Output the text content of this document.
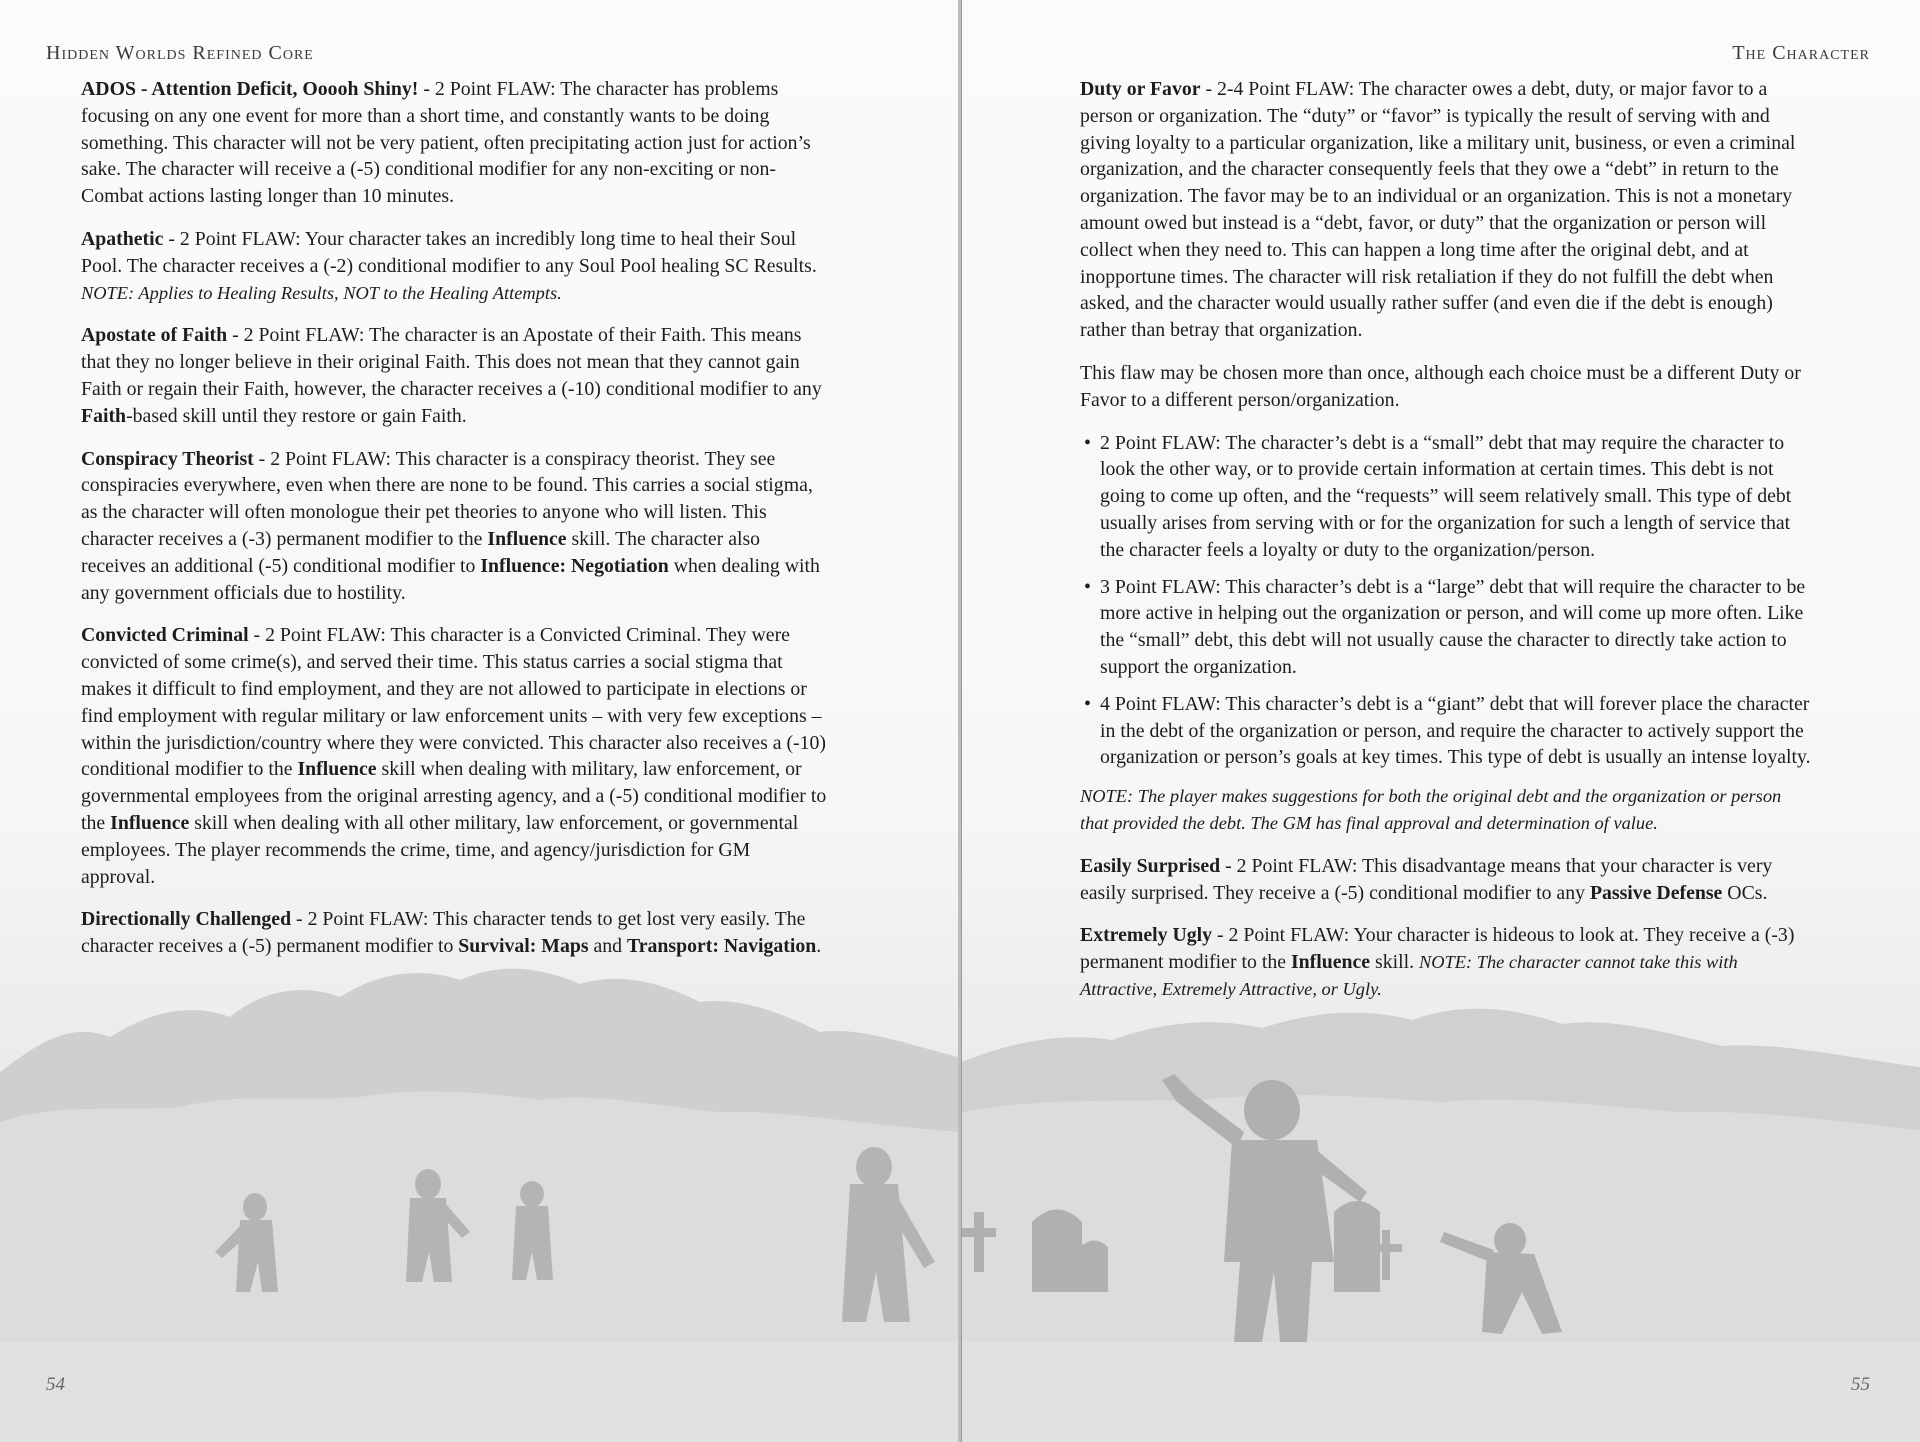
Hidden Worlds Refined Core

ADOS - Attention Deficit, Ooooh Shiny! - 2 Point FLAW: The character has problems focusing on any one event for more than a short time, and constantly wants to be doing something. This character will not be very patient, often precipitating action just for action’s sake. The character will receive a (-5) conditional modifier for any non-exciting or non-Combat actions lasting longer than 10 minutes.

Apathetic - 2 Point FLAW: Your character takes an incredibly long time to heal their Soul Pool. The character receives a (-2) conditional modifier to any Soul Pool healing SC Results. NOTE: Applies to Healing Results, NOT to the Healing Attempts.

Apostate of Faith - 2 Point FLAW: The character is an Apostate of their Faith. This means that they no longer believe in their original Faith. This does not mean that they cannot gain Faith or regain their Faith, however, the character receives a (-10) conditional modifier to any Faith-based skill until they restore or gain Faith.

Conspiracy Theorist - 2 Point FLAW: This character is a conspiracy theorist. They see conspiracies everywhere, even when there are none to be found. This carries a social stigma, as the character will often monologue their pet theories to anyone who will listen. This character receives a (-3) permanent modifier to the Influence skill. The character also receives an additional (-5) conditional modifier to Influence: Negotiation when dealing with any government officials due to hostility.

Convicted Criminal - 2 Point FLAW: This character is a Convicted Criminal. They were convicted of some crime(s), and served their time. This status carries a social stigma that makes it difficult to find employment, and they are not allowed to participate in elections or find employment with regular military or law enforcement units – with very few exceptions – within the jurisdiction/country where they were convicted. This character also receives a (-10) conditional modifier to the Influence skill when dealing with military, law enforcement, or governmental employees from the original arresting agency, and a (-5) conditional modifier to the Influence skill when dealing with all other military, law enforcement, or governmental employees. The player recommends the crime, time, and agency/jurisdiction for GM approval.

Directionally Challenged - 2 Point FLAW: This character tends to get lost very easily. The character receives a (-5) permanent modifier to Survival: Maps and Transport: Navigation.

54
The Character

Duty or Favor - 2-4 Point FLAW: The character owes a debt, duty, or major favor to a person or organization. The “duty” or “favor” is typically the result of serving with and giving loyalty to a particular organization, like a military unit, business, or even a criminal organization, and the character consequently feels that they owe a “debt” in return to the organization. The favor may be to an individual or an organization. This is not a monetary amount owed but instead is a “debt, favor, or duty” that the organization or person will collect when they need to. This can happen a long time after the original debt, and at inopportune times. The character will risk retaliation if they do not fulfill the debt when asked, and the character would usually rather suffer (and even die if the debt is enough) rather than betray that organization.

This flaw may be chosen more than once, although each choice must be a different Duty or Favor to a different person/organization.

• 2 Point FLAW: The character’s debt is a “small” debt that may require the character to look the other way, or to provide certain information at certain times. This debt is not going to come up often, and the “requests” will seem relatively small. This type of debt usually arises from serving with or for the organization for such a length of service that the character feels a loyalty or duty to the organization/person.
• 3 Point FLAW: This character’s debt is a “large” debt that will require the character to be more active in helping out the organization or person, and will come up more often. Like the “small” debt, this debt will not usually cause the character to directly take action to support the organization.
• 4 Point FLAW: This character’s debt is a “giant” debt that will forever place the character in the debt of the organization or person, and require the character to actively support the organization or person’s goals at key times. This type of debt is usually an intense loyalty.

NOTE: The player makes suggestions for both the original debt and the organization or person that provided the debt. The GM has final approval and determination of value.

Easily Surprised - 2 Point FLAW: This disadvantage means that your character is very easily surprised. They receive a (-5) conditional modifier to any Passive Defense OCs.

Extremely Ugly - 2 Point FLAW: Your character is hideous to look at. They receive a (-3) permanent modifier to the Influence skill. NOTE: The character cannot take this with Attractive, Extremely Attractive, or Ugly.

55
